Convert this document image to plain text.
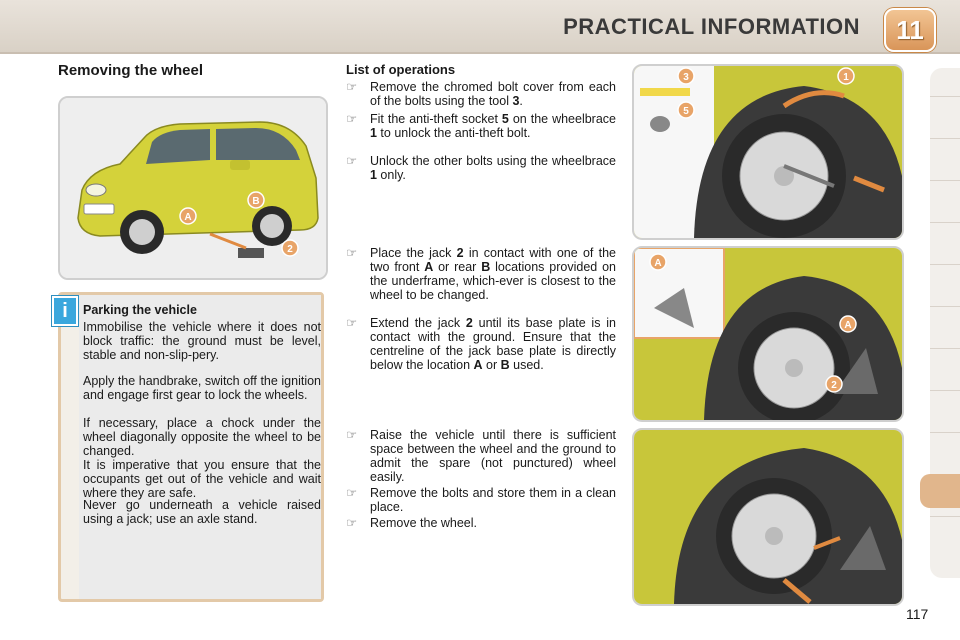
PRACTICAL INFORMATION	11
Removing the wheel	List of operations
A
B
2
i	Parking the vehicle

Immobilise the vehicle where it does not block traffic: the ground must be level, stable and non-slip-pery.

Apply the handbrake, switch off the ignition and engage first gear to lock the wheels.

If necessary, place a chock under the wheel diagonally opposite the wheel to be changed.

It is imperative that you ensure that the occupants get out of the vehicle and wait where they are safe.

Never go underneath a vehicle raised using a jack; use an axle stand.

☞ Remove the chromed bolt cover from each of the bolts using the tool 3.
☞ Fit the anti-theft socket 5 on the wheelbrace 1 to unlock the anti-theft bolt.
☞ Unlock the other bolts using the wheelbrace 1 only.
☞ Place the jack 2 in contact with one of the two front A or rear B locations provided on the underframe, which-ever is closest to the wheel to be changed.
☞ Extend the jack 2 until its base plate is in contact with the ground. Ensure that the centreline of the jack base plate is directly below the location A or B used.
☞ Raise the vehicle until there is sufficient space between the wheel and the ground to admit the spare (not punctured) wheel easily.
☞ Remove the bolts and store them in a clean place.
☞ Remove the wheel.
3	1
5
A
A
2
117
